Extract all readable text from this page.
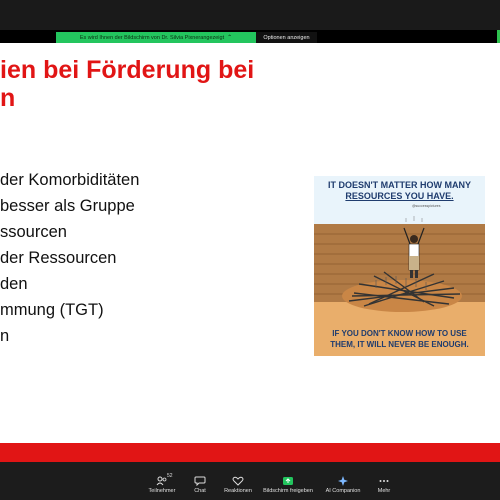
Es wird Ihnen der Bildschirm von Dr. Silvia Pixnerangezeigt ⌃	Optionen anzeigen
ien bei Förderung bei
n
der Komorbiditäten
besser als Gruppe
ssourcen
der Ressourcen
den
mmung (TGT)
n
IT DOESN'T MATTER HOW MANY
RESOURCES YOU HAVE.
@successpictures
IF YOU DON'T KNOW HOW TO USE
THEM, IT WILL NEVER BE ENOUGH.
52
Teilnehmer	Chat	Reaktionen	Bildschirm freigeben	AI Companion	Mehr
